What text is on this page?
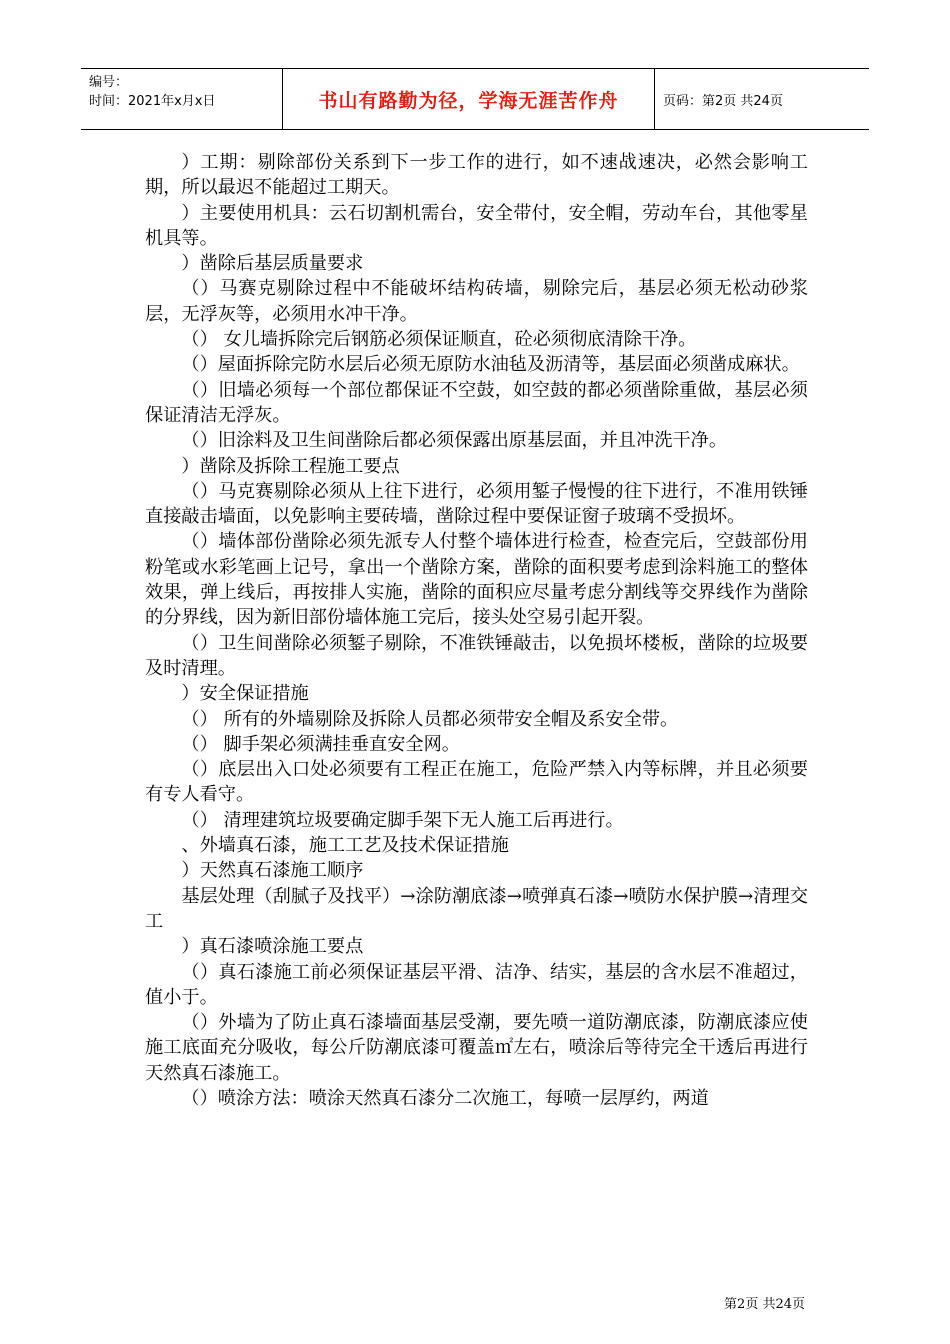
编号：
时间：2021年x月x日	书山有路勤为径，学海无涯苦作舟	页码：第2页 共24页

）工期：剔除部份关系到下一步工作的进行，如不速战速决，必然会影响工期，所以最迟不能超过工期天。

）主要使用机具：云石切割机需台，安全带付，安全帽，劳动车台，其他零星机具等。

）凿除后基层质量要求

（）马赛克剔除过程中不能破坏结构砖墙，剔除完后，基层必须无松动砂浆层，无浮灰等，必须用水冲干净。

（） 女儿墙拆除完后钢筋必须保证顺直，砼必须彻底清除干净。

（）屋面拆除完防水层后必须无原防水油毡及沥清等，基层面必须凿成麻状。

（）旧墙必须每一个部位都保证不空鼓，如空鼓的都必须凿除重做，基层必须保证清洁无浮灰。

（）旧涂料及卫生间凿除后都必须保露出原基层面，并且冲洗干净。

）凿除及拆除工程施工要点

（）马克赛剔除必须从上往下进行，必须用錾子慢慢的往下进行，不准用铁锤直接敲击墙面，以免影响主要砖墙，凿除过程中要保证窗子玻璃不受损坏。

（）墙体部份凿除必须先派专人付整个墙体进行检查，检查完后，空鼓部份用粉笔或水彩笔画上记号，拿出一个凿除方案，凿除的面积要考虑到涂料施工的整体效果，弹上线后，再按排人实施，凿除的面积应尽量考虑分割线等交界线作为凿除的分界线，因为新旧部份墙体施工完后，接头处空易引起开裂。

（）卫生间凿除必须錾子剔除，不准铁锤敲击，以免损坏楼板，凿除的垃圾要及时清理。

）安全保证措施

（） 所有的外墙剔除及拆除人员都必须带安全帽及系安全带。

（） 脚手架必须满挂垂直安全网。

（）底层出入口处必须要有工程正在施工，危险严禁入内等标牌，并且必须要有专人看守。

（） 清理建筑垃圾要确定脚手架下无人施工后再进行。

、外墙真石漆，施工工艺及技术保证措施

）天然真石漆施工顺序

基层处理（刮腻子及找平）→涂防潮底漆→喷弹真石漆→喷防水保护膜→清理交工

）真石漆喷涂施工要点

（）真石漆施工前必须保证基层平滑、洁净、结实，基层的含水层不准超过，值小于。

（）外墙为了防止真石漆墙面基层受潮，要先喷一道防潮底漆，防潮底漆应使施工底面充分吸收，每公斤防潮底漆可覆盖㎡左右，喷涂后等待完全干透后再进行天然真石漆施工。

（）喷涂方法：喷涂天然真石漆分二次施工，每喷一层厚约，两道

第2页 共24页
